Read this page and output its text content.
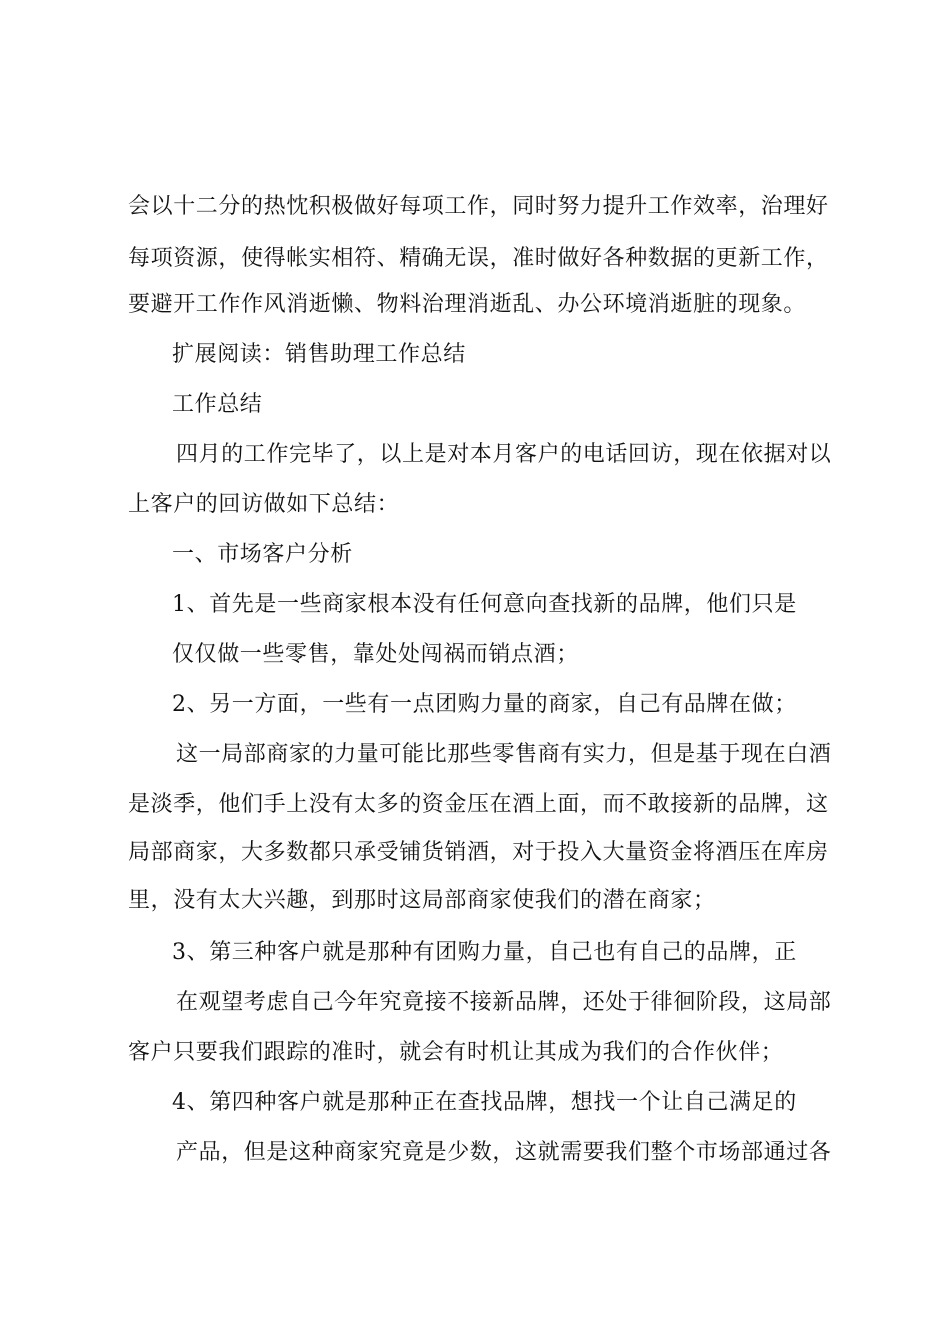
会以十二分的热忱积极做好每项工作，同时努力提升工作效率，治理好
每项资源，使得帐实相符、精确无误，准时做好各种数据的更新工作，
要避开工作作风消逝懒、物料治理消逝乱、办公环境消逝脏的现象。
扩展阅读：销售助理工作总结
工作总结
四月的工作完毕了，以上是对本月客户的电话回访，现在依据对以
上客户的回访做如下总结：
一、市场客户分析
1、首先是一些商家根本没有任何意向查找新的品牌，他们只是
仅仅做一些零售，靠处处闯祸而销点酒；
2、另一方面，一些有一点团购力量的商家，自己有品牌在做；
这一局部商家的力量可能比那些零售商有实力，但是基于现在白酒
是淡季，他们手上没有太多的资金压在酒上面，而不敢接新的品牌，这
局部商家，大多数都只承受铺货销酒，对于投入大量资金将酒压在库房
里，没有太大兴趣，到那时这局部商家使我们的潜在商家；
3、第三种客户就是那种有团购力量，自己也有自己的品牌，正
在观望考虑自己今年究竟接不接新品牌，还处于徘徊阶段，这局部
客户只要我们跟踪的准时，就会有时机让其成为我们的合作伙伴；
4、第四种客户就是那种正在查找品牌，想找一个让自己满足的
产品，但是这种商家究竟是少数，这就需要我们整个市场部通过各
